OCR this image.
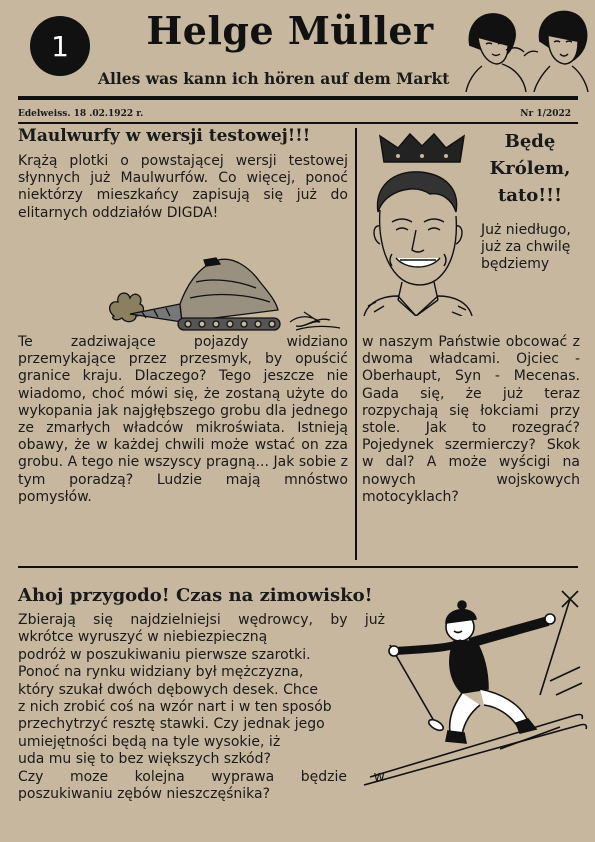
1	Helge Müller
Alles was kann ich hören auf dem Markt
Edelweiss. 18 .02.1922 r.	Nr 1/2022
Maulwurfy w wersji testowej!!!
Krążą plotki o powstającej wersji testowej słynnych już Maulwurfów. Co więcej, ponoć niektórzy mieszkańcy zapisują się już do elitarnych oddziałów DIGDA!
Te zadziwające pojazdy widziano przemykające przez przesmyk, by opuścić granice kraju. Dlaczego? Tego jeszcze nie wiadomo, choć mówi się, że zostaną użyte do wykopania jak najgłębszego grobu dla jednego ze zmarłych władców mikroświata. Istnieją obawy, że w każdej chwili może wstać on zza grobu. A tego nie wszyscy pragną... Jak sobie z tym poradzą? Ludzie mają mnóstwo pomysłów.
Będę Królem, tato!!!
Już niedługo, już za chwilę będziemy
w naszym Państwie obcować z dwoma władcami. Ojciec - Oberhaupt, Syn - Mecenas. Gada się, że już teraz rozpychają się łokciami przy stole. Jak to rozegrać? Pojedynek szermierczy? Skok w dal? A może wyścigi na nowych wojskowych motocyklach?
Ahoj przygodo! Czas na zimowisko!
Zbierają się najdzielniejsi wędrowcy, by już
wkrótce wyruszyć w niebiezpieczną
podróż w poszukiwaniu pierwsze szarotki.
Ponoć na rynku widziany był mężczyzna,
który szukał dwóch dębowych desek. Chce
z nich zrobić coś na wzór nart i w ten sposób
przechytrzyć resztę stawki. Czy jednak jego
umiejętności będą na tyle wysokie, iż
uda mu się to bez większych szkód?
Czy moze kolejna wyprawa będzie w
poszukiwaniu zębów nieszczęśnika?
